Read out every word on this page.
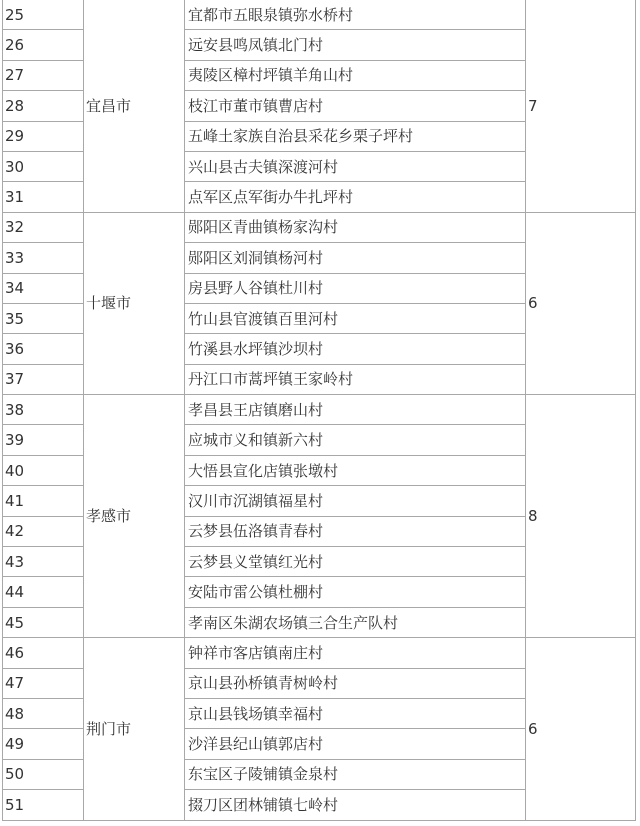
25	宜昌市	宜都市五眼泉镇弥水桥村	7
26		远安县鸣凤镇北门村	
27		夷陵区樟村坪镇羊角山村	
28		枝江市董市镇曹店村	
29		五峰土家族自治县采花乡栗子坪村	
30		兴山县古夫镇深渡河村	
31		点军区点军街办牛扎坪村	
32	十堰市	郧阳区青曲镇杨家沟村	6
33		郧阳区刘洞镇杨河村	
34		房县野人谷镇杜川村	
35		竹山县官渡镇百里河村	
36		竹溪县水坪镇沙坝村	
37		丹江口市蒿坪镇王家岭村	
38	孝感市	孝昌县王店镇磨山村	8
39		应城市义和镇新六村	
40		大悟县宣化店镇张墩村	
41		汉川市沉湖镇福星村	
42		云梦县伍洛镇青春村	
43		云梦县义堂镇红光村	
44		安陆市雷公镇杜棚村	
45		孝南区朱湖农场镇三合生产队村	
46	荆门市	钟祥市客店镇南庄村	6
47		京山县孙桥镇青树岭村	
48		京山县钱场镇幸福村	
49		沙洋县纪山镇郭店村	
50		东宝区子陵铺镇金泉村	
51		掇刀区团林铺镇七岭村	
